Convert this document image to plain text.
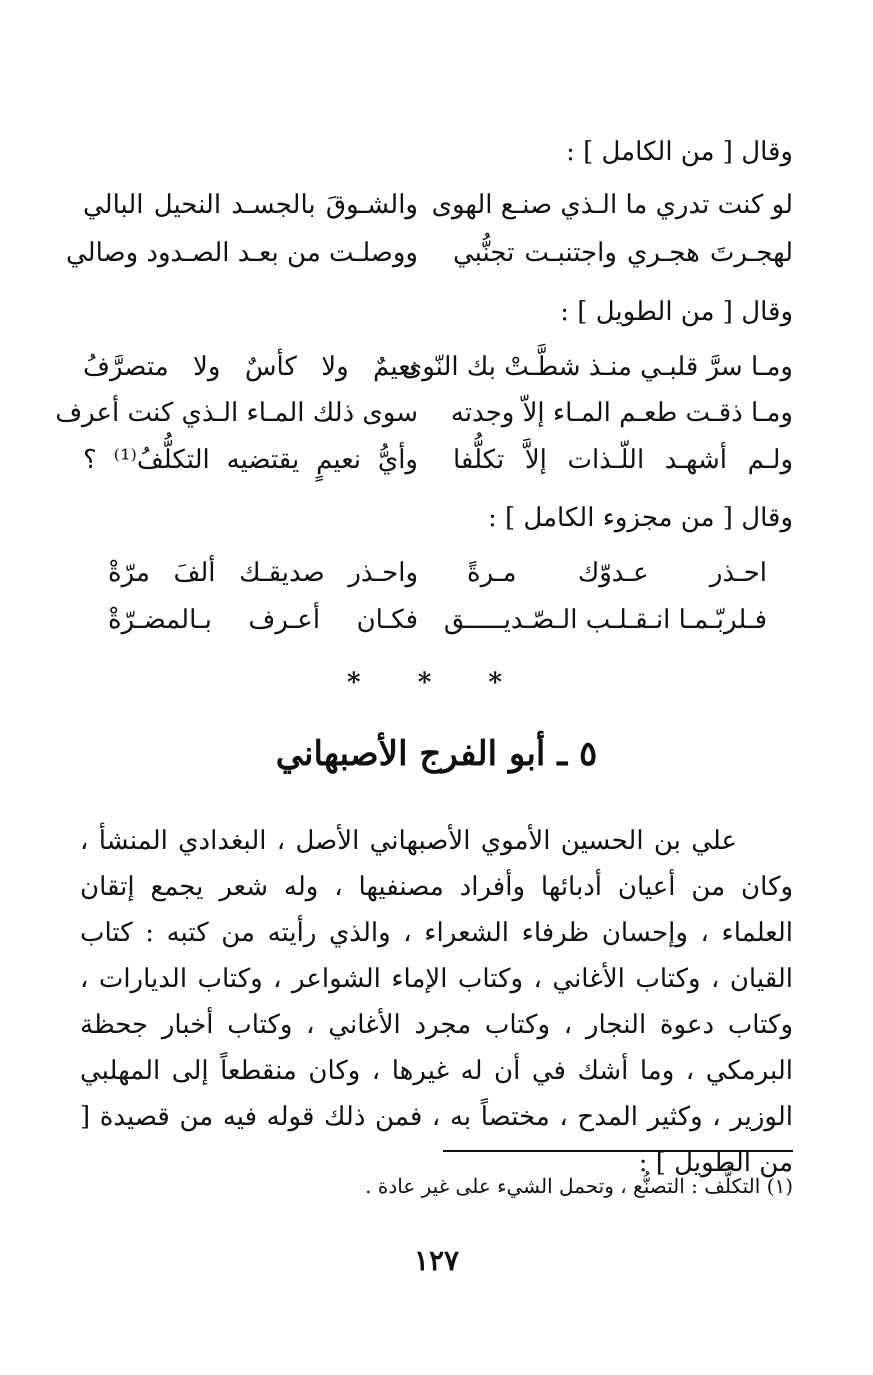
وقال [ من الكامل ] :
وقال [ من الطويل ] :
وقال [ من مجزوء الكامل ] :
لو كنت تدري ما الـذي صنـع الهوى
والشـوقَ بالجسـد النحيل البالي
لهجـرتَ هجـري واجتنبـت تجنُّبي
ووصلـت من بعـد الصـدود وصالي
ومـا سرَّ قلبـي منـذ شطَّـتْ بك النّوى
نعيمٌ ولا كأسٌ ولا متصرَّفُ
ومـا ذقـت طعـم المـاء إلاّ وجدته
سوى ذلك المـاء الـذي كنت أعرف
ولـم أشهـد اللّـذات إلاَّ تكلُّفا
وأيُّ نعيمٍ يقتضيه التكلُّفُ⁽¹⁾ ؟
احـذر عـدوّك مـرةً
واحـذر صديقـك ألفَ مرّةْ
فـلربّـمـا انـقـلـب الـصّـديـــــق
فكـان أعـرف بـالمضـرّةْ
* * *
٥ ـ أبو الفرج الأصبهاني
علي بن الحسين الأموي الأصبهاني الأصل ، البغدادي المنشأ ، وكان من أعيان أدبائها وأفراد مصنفيها ، وله شعر يجمع إتقان العلماء ، وإحسان ظرفاء الشعراء ، والذي رأيته من كتبه : كتاب القيان ، وكتاب الأغاني ، وكتاب الإماء الشواعر ، وكتاب الديارات ، وكتاب دعوة النجار ، وكتاب مجرد الأغاني ، وكتاب أخبار جحظة البرمكي ، وما أشك في أن له غيرها ، وكان منقطعاً إلى المهلبي الوزير ، وكثير المدح ، مختصاً به ، فمن ذلك قوله فيه من قصيدة [ من الطويل ] :
(١) التكلُّف : التصنُّع ، وتحمل الشيء على غير عادة .
١٢٧
